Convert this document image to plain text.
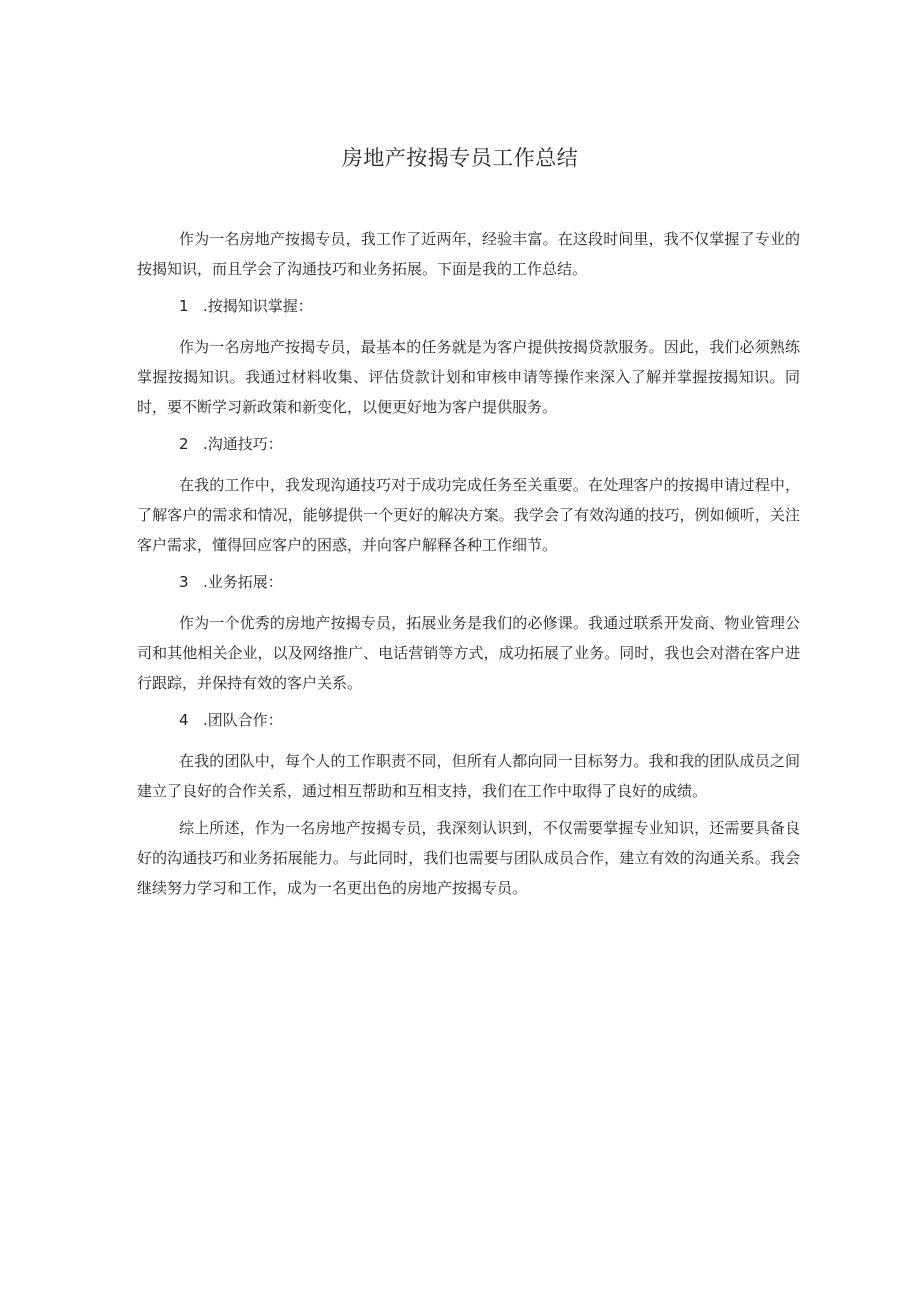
房地产按揭专员工作总结

作为一名房地产按揭专员，我工作了近两年，经验丰富。在这段时间里，我不仅掌握了专业的按揭知识，而且学会了沟通技巧和业务拓展。下面是我的工作总结。

1 .按揭知识掌握：

作为一名房地产按揭专员，最基本的任务就是为客户提供按揭贷款服务。因此，我们必须熟练掌握按揭知识。我通过材料收集、评估贷款计划和审核申请等操作来深入了解并掌握按揭知识。同时，要不断学习新政策和新变化，以便更好地为客户提供服务。

2 .沟通技巧：

在我的工作中，我发现沟通技巧对于成功完成任务至关重要。在处理客户的按揭申请过程中，了解客户的需求和情况，能够提供一个更好的解决方案。我学会了有效沟通的技巧，例如倾听，关注客户需求，懂得回应客户的困惑，并向客户解释各种工作细节。

3 .业务拓展：

作为一个优秀的房地产按揭专员，拓展业务是我们的必修课。我通过联系开发商、物业管理公司和其他相关企业，以及网络推广、电话营销等方式，成功拓展了业务。同时，我也会对潜在客户进行跟踪，并保持有效的客户关系。

4 .团队合作：

在我的团队中，每个人的工作职责不同，但所有人都向同一目标努力。我和我的团队成员之间建立了良好的合作关系，通过相互帮助和互相支持，我们在工作中取得了良好的成绩。

综上所述，作为一名房地产按揭专员，我深刻认识到，不仅需要掌握专业知识，还需要具备良好的沟通技巧和业务拓展能力。与此同时，我们也需要与团队成员合作，建立有效的沟通关系。我会继续努力学习和工作，成为一名更出色的房地产按揭专员。
